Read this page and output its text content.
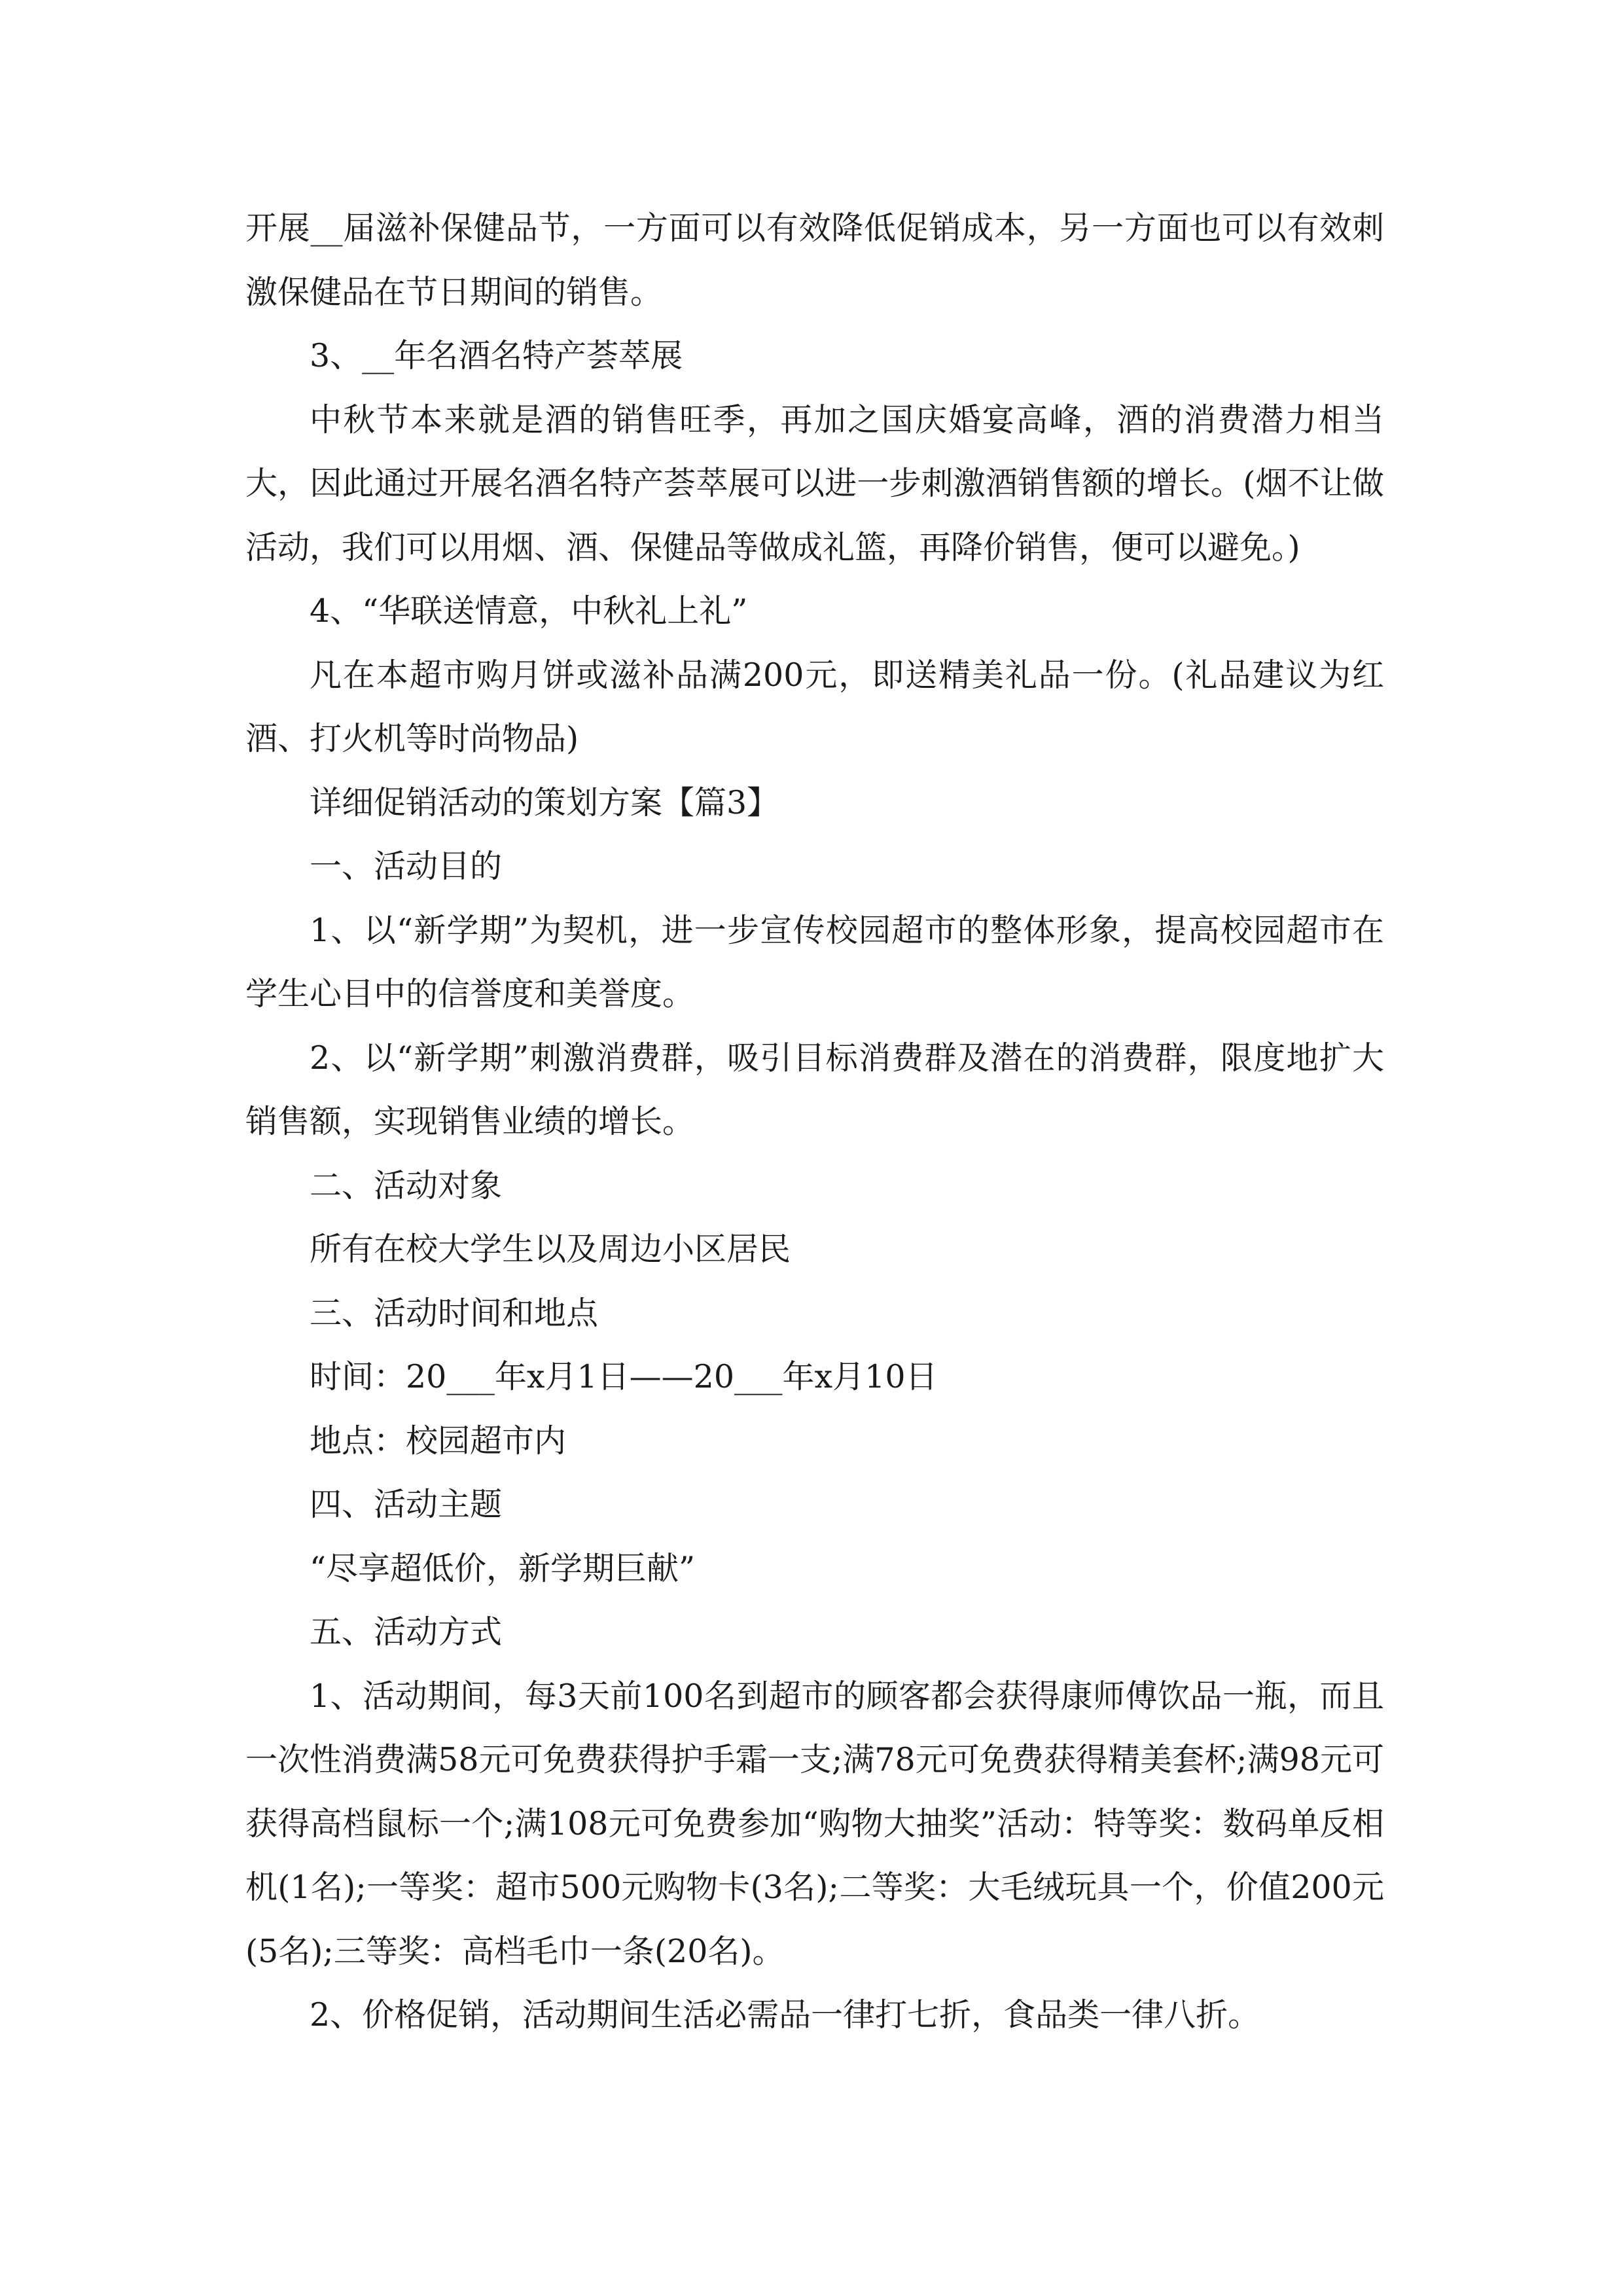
开展__届滋补保健品节，一方面可以有效降低促销成本，另一方面也可以有效刺激保健品在节日期间的销售。

3、__年名酒名特产荟萃展

中秋节本来就是酒的销售旺季，再加之国庆婚宴高峰，酒的消费潜力相当大，因此通过开展名酒名特产荟萃展可以进一步刺激酒销售额的增长。(烟不让做活动，我们可以用烟、酒、保健品等做成礼篮，再降价销售，便可以避免。)

4、“华联送情意，中秋礼上礼”

凡在本超市购月饼或滋补品满200元，即送精美礼品一份。(礼品建议为红酒、打火机等时尚物品)

详细促销活动的策划方案【篇3】

一、活动目的

1、以“新学期”为契机，进一步宣传校园超市的整体形象，提高校园超市在学生心目中的信誉度和美誉度。

2、以“新学期”刺激消费群，吸引目标消费群及潜在的消费群，限度地扩大销售额，实现销售业绩的增长。

二、活动对象

所有在校大学生以及周边小区居民

三、活动时间和地点

时间：20___年x月1日——20___年x月10日

地点：校园超市内

四、活动主题

“尽享超低价，新学期巨献”

五、活动方式

1、活动期间，每3天前100名到超市的顾客都会获得康师傅饮品一瓶，而且一次性消费满58元可免费获得护手霜一支;满78元可免费获得精美套杯;满98元可获得高档鼠标一个;满108元可免费参加“购物大抽奖”活动：特等奖：数码单反相机(1名);一等奖：超市500元购物卡(3名);二等奖：大毛绒玩具一个，价值200元(5名);三等奖：高档毛巾一条(20名)。

2、价格促销，活动期间生活必需品一律打七折，食品类一律八折。
